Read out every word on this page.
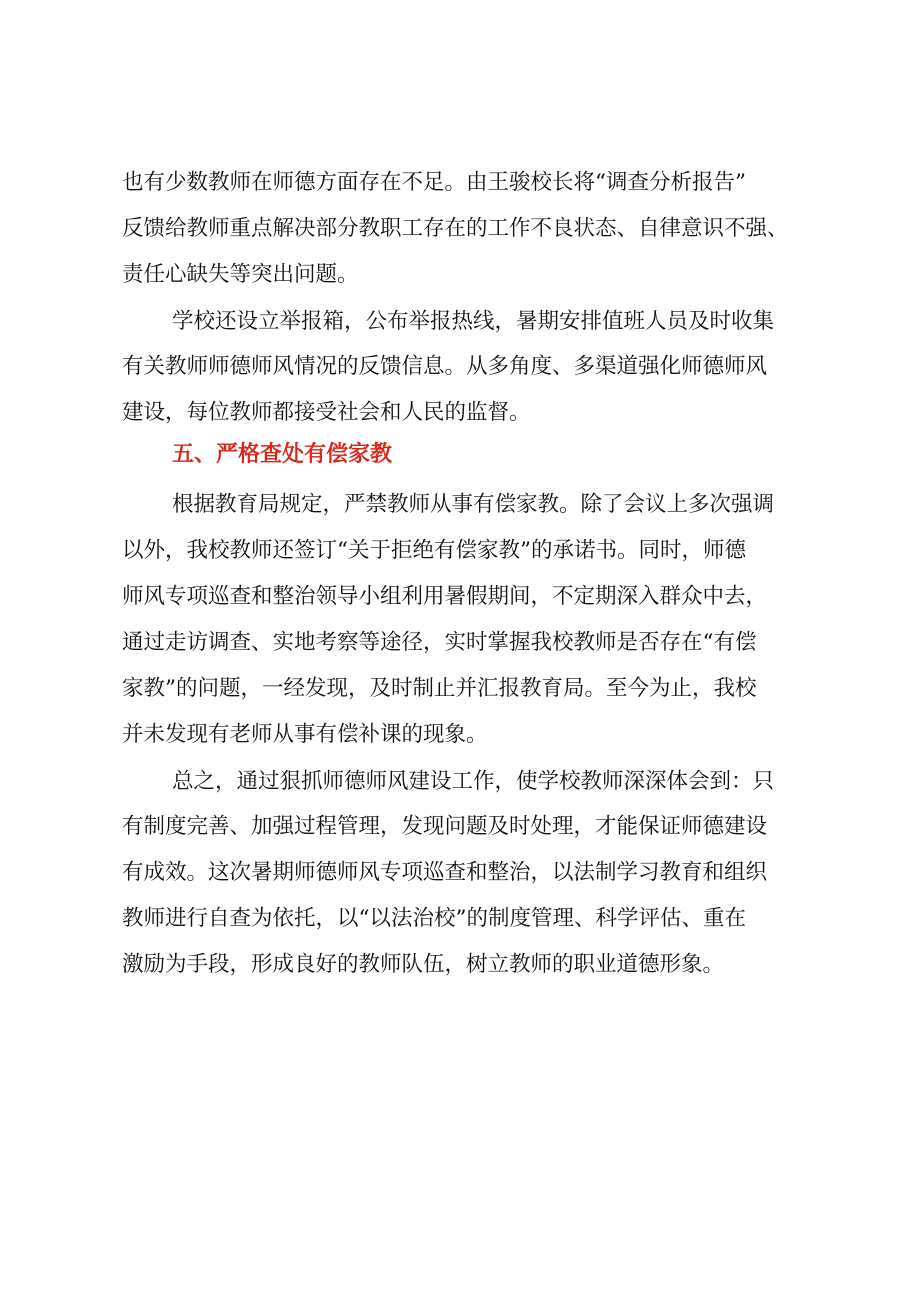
也有少数教师在师德方面存在不足。由王骏校长将“调查分析报告”

反馈给教师重点解决部分教职工存在的工作不良状态、自律意识不强、

责任心缺失等突出问题。

学校还设立举报箱，公布举报热线，暑期安排值班人员及时收集

有关教师师德师风情况的反馈信息。从多角度、多渠道强化师德师风

建设，每位教师都接受社会和人民的监督。

五、严格查处有偿家教

根据教育局规定，严禁教师从事有偿家教。除了会议上多次强调

以外，我校教师还签订“关于拒绝有偿家教”的承诺书。同时，师德

师风专项巡查和整治领导小组利用暑假期间，不定期深入群众中去，

通过走访调查、实地考察等途径，实时掌握我校教师是否存在“有偿

家教”的问题，一经发现，及时制止并汇报教育局。至今为止，我校

并未发现有老师从事有偿补课的现象。

总之，通过狠抓师德师风建设工作，使学校教师深深体会到：只

有制度完善、加强过程管理，发现问题及时处理，才能保证师德建设

有成效。这次暑期师德师风专项巡查和整治，以法制学习教育和组织

教师进行自查为依托，以“以法治校”的制度管理、科学评估、重在

激励为手段，形成良好的教师队伍，树立教师的职业道德形象。
